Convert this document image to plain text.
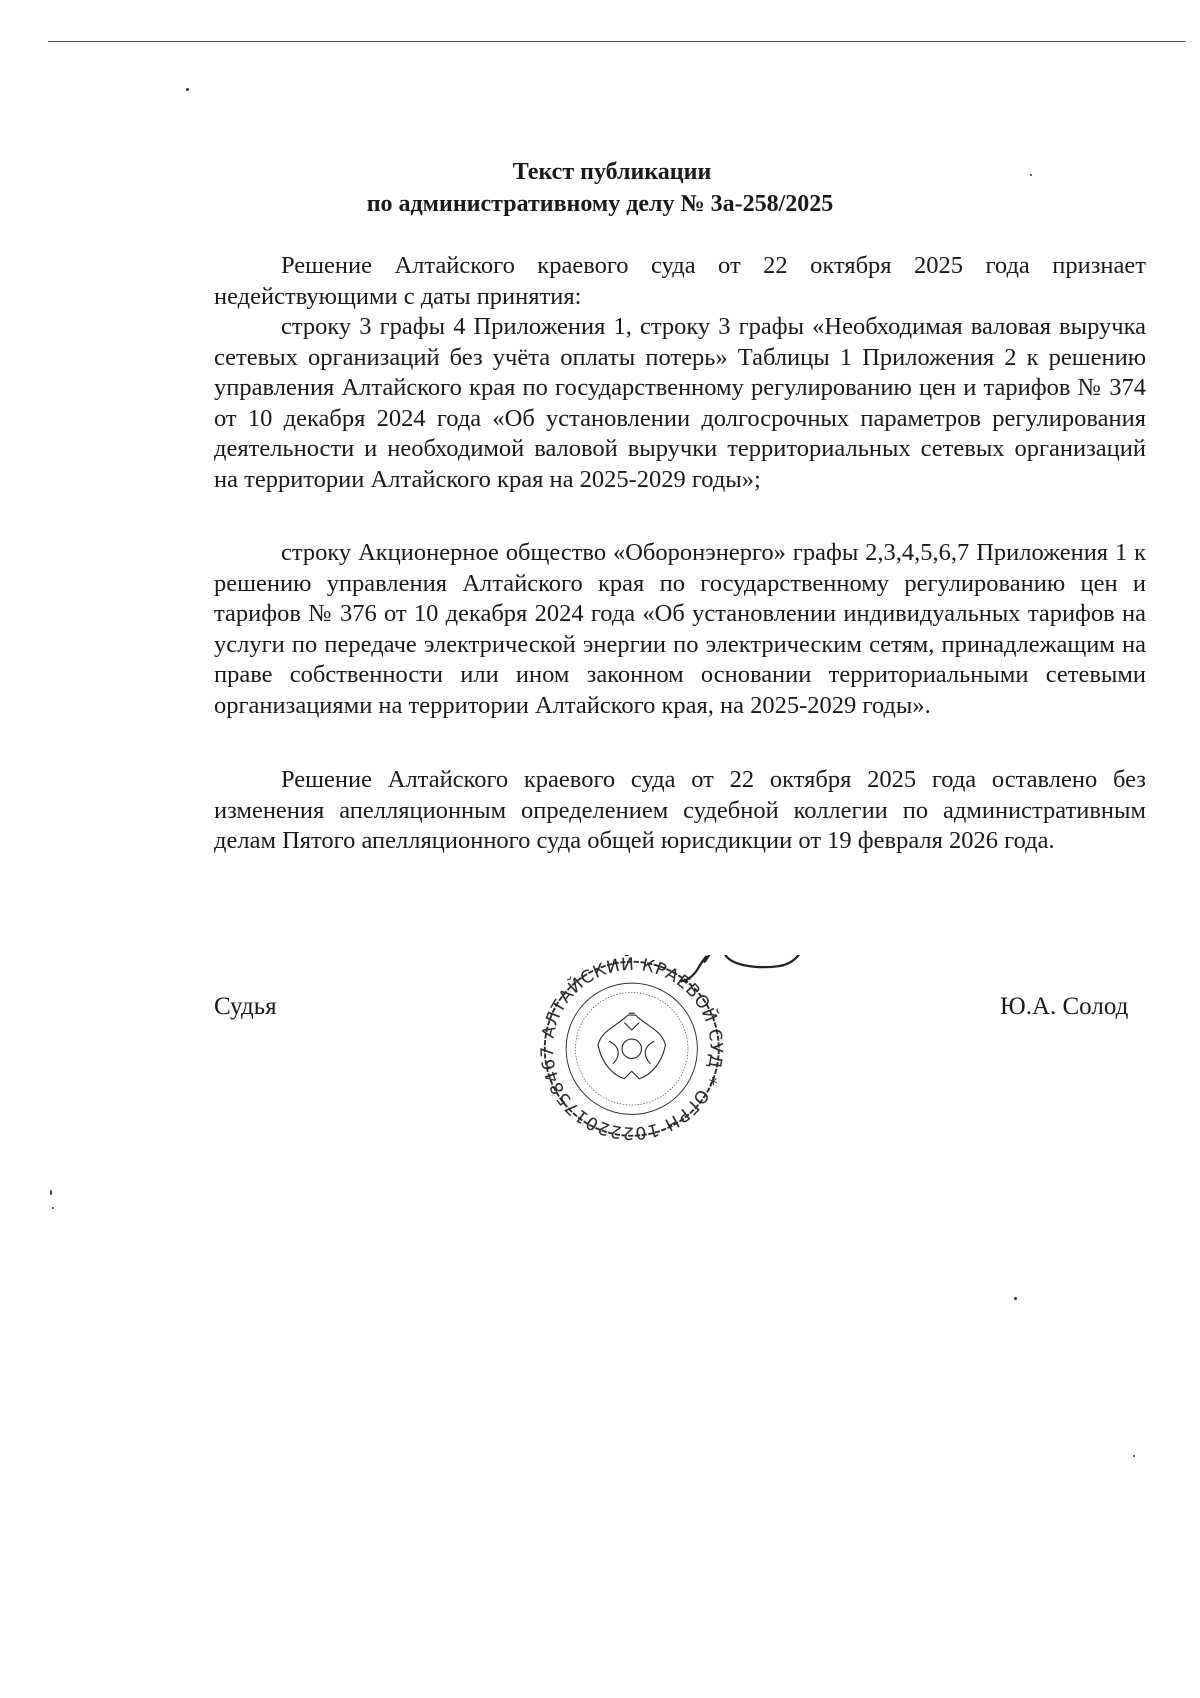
Текст публикации
по административному делу № 3а-258/2025

Решение Алтайского краевого суда от 22 октября 2025 года признает недействующими с даты принятия:

строку 3 графы 4 Приложения 1, строку 3 графы «Необходимая валовая выручка сетевых организаций без учёта оплаты потерь» Таблицы 1 Приложения 2 к решению управления Алтайского края по государственному регулированию цен и тарифов № 374 от 10 декабря 2024 года «Об установлении долгосрочных параметров регулирования деятельности и необходимой валовой выручки территориальных сетевых организаций на территории Алтайского края на 2025-2029 годы»;

строку Акционерное общество «Оборонэнерго» графы 2,3,4,5,6,7 Приложения 1 к решению управления Алтайского края по государственному регулированию цен и тарифов № 376 от 10 декабря 2024 года «Об установлении индивидуальных тарифов на услуги по передаче электрической энергии по электрическим сетям, принадлежащим на праве собственности или ином законном основании территориальными сетевыми организациями на территории Алтайского края, на 2025-2029 годы».

Решение Алтайского краевого суда от 22 октября 2025 года оставлено без изменения апелляционным определением судебной коллегии по административным делам Пятого апелляционного суда общей юрисдикции от 19 февраля 2026 года.

Судья	Ю.А. Солод
АЛТАЙСКИЙ КРАЕВОЙ СУД * ОГРН 1022201758467
